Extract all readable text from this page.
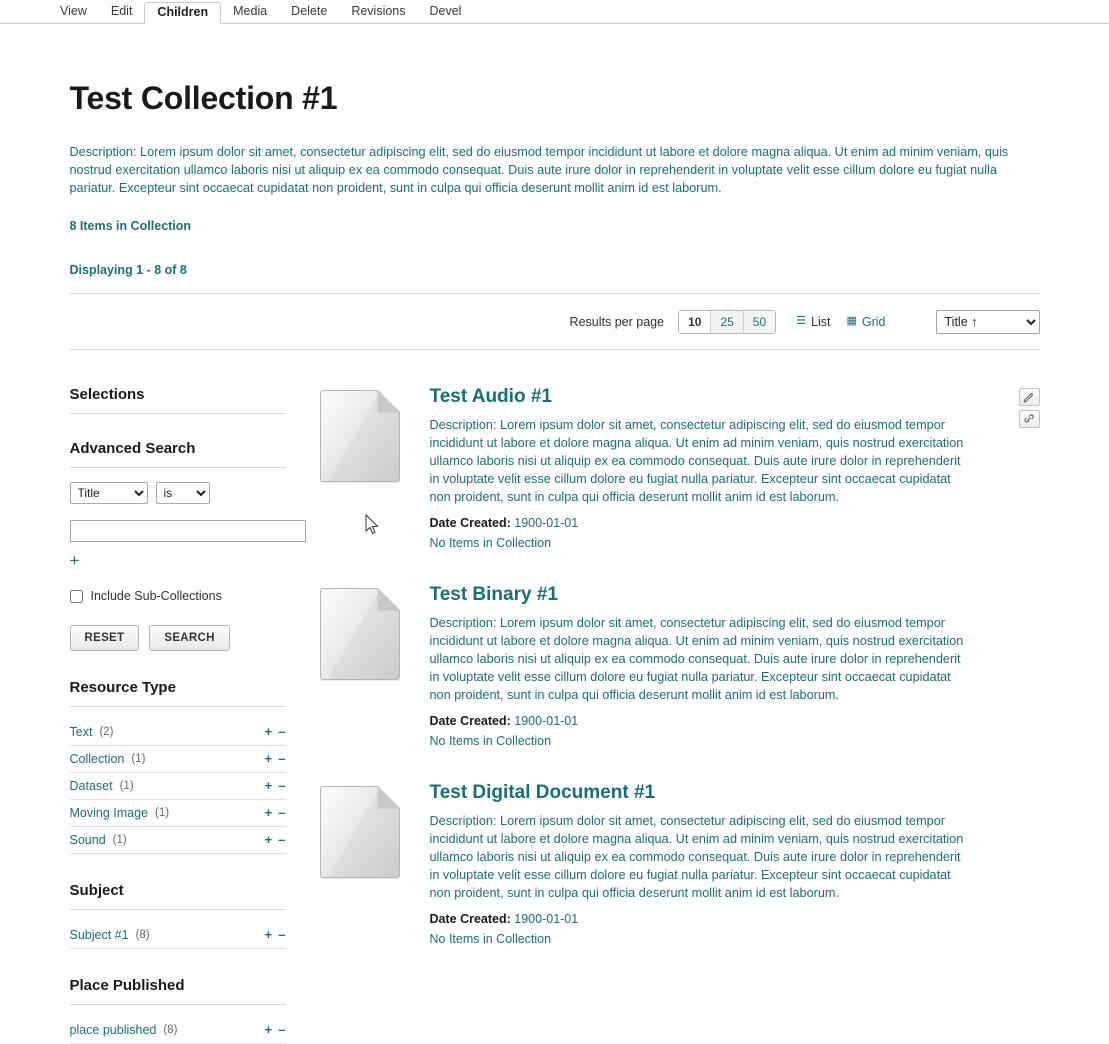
View	Edit	Children	Media	Delete	Revisions	Devel
Test Collection #1
Description: Lorem ipsum dolor sit amet, consectetur adipiscing elit, sed do eiusmod tempor incididunt ut labore et dolore magna aliqua. Ut enim ad minim veniam, quis nostrud exercitation ullamco laboris nisi ut aliquip ex ea commodo consequat. Duis aute irure dolor in reprehenderit in voluptate velit esse cillum dolore eu fugiat nulla pariatur. Excepteur sint occaecat cupidatat non proident, sunt in culpa qui officia deserunt mollit anim id est laborum.
8 Items in Collection
Displaying 1 - 8 of 8
Results per page	10	25	50	☰ List ▦ Grid
Title ↑
Selections
Advanced Search
Title
is
+
Include Sub-Collections
RESET	SEARCH
Resource Type
Text (2)	+ –
Collection (1)	+ –
Dataset (1)	+ –
Moving Image (1)	+ –
Sound (1)	+ –
Subject
Subject #1 (8)	+ –
Place Published
place published (8)	+ –
Test Audio #1
Description: Lorem ipsum dolor sit amet, consectetur adipiscing elit, sed do eiusmod tempor incididunt ut labore et dolore magna aliqua. Ut enim ad minim veniam, quis nostrud exercitation ullamco laboris nisi ut aliquip ex ea commodo consequat. Duis aute irure dolor in reprehenderit in voluptate velit esse cillum dolore eu fugiat nulla pariatur. Excepteur sint occaecat cupidatat non proident, sunt in culpa qui officia deserunt mollit anim id est laborum.
Date Created: 1900-01-01
No Items in Collection
Test Binary #1
Description: Lorem ipsum dolor sit amet, consectetur adipiscing elit, sed do eiusmod tempor incididunt ut labore et dolore magna aliqua. Ut enim ad minim veniam, quis nostrud exercitation ullamco laboris nisi ut aliquip ex ea commodo consequat. Duis aute irure dolor in reprehenderit in voluptate velit esse cillum dolore eu fugiat nulla pariatur. Excepteur sint occaecat cupidatat non proident, sunt in culpa qui officia deserunt mollit anim id est laborum.
Date Created: 1900-01-01
No Items in Collection
Test Digital Document #1
Description: Lorem ipsum dolor sit amet, consectetur adipiscing elit, sed do eiusmod tempor incididunt ut labore et dolore magna aliqua. Ut enim ad minim veniam, quis nostrud exercitation ullamco laboris nisi ut aliquip ex ea commodo consequat. Duis aute irure dolor in reprehenderit in voluptate velit esse cillum dolore eu fugiat nulla pariatur. Excepteur sint occaecat cupidatat non proident, sunt in culpa qui officia deserunt mollit anim id est laborum.
Date Created: 1900-01-01
No Items in Collection
